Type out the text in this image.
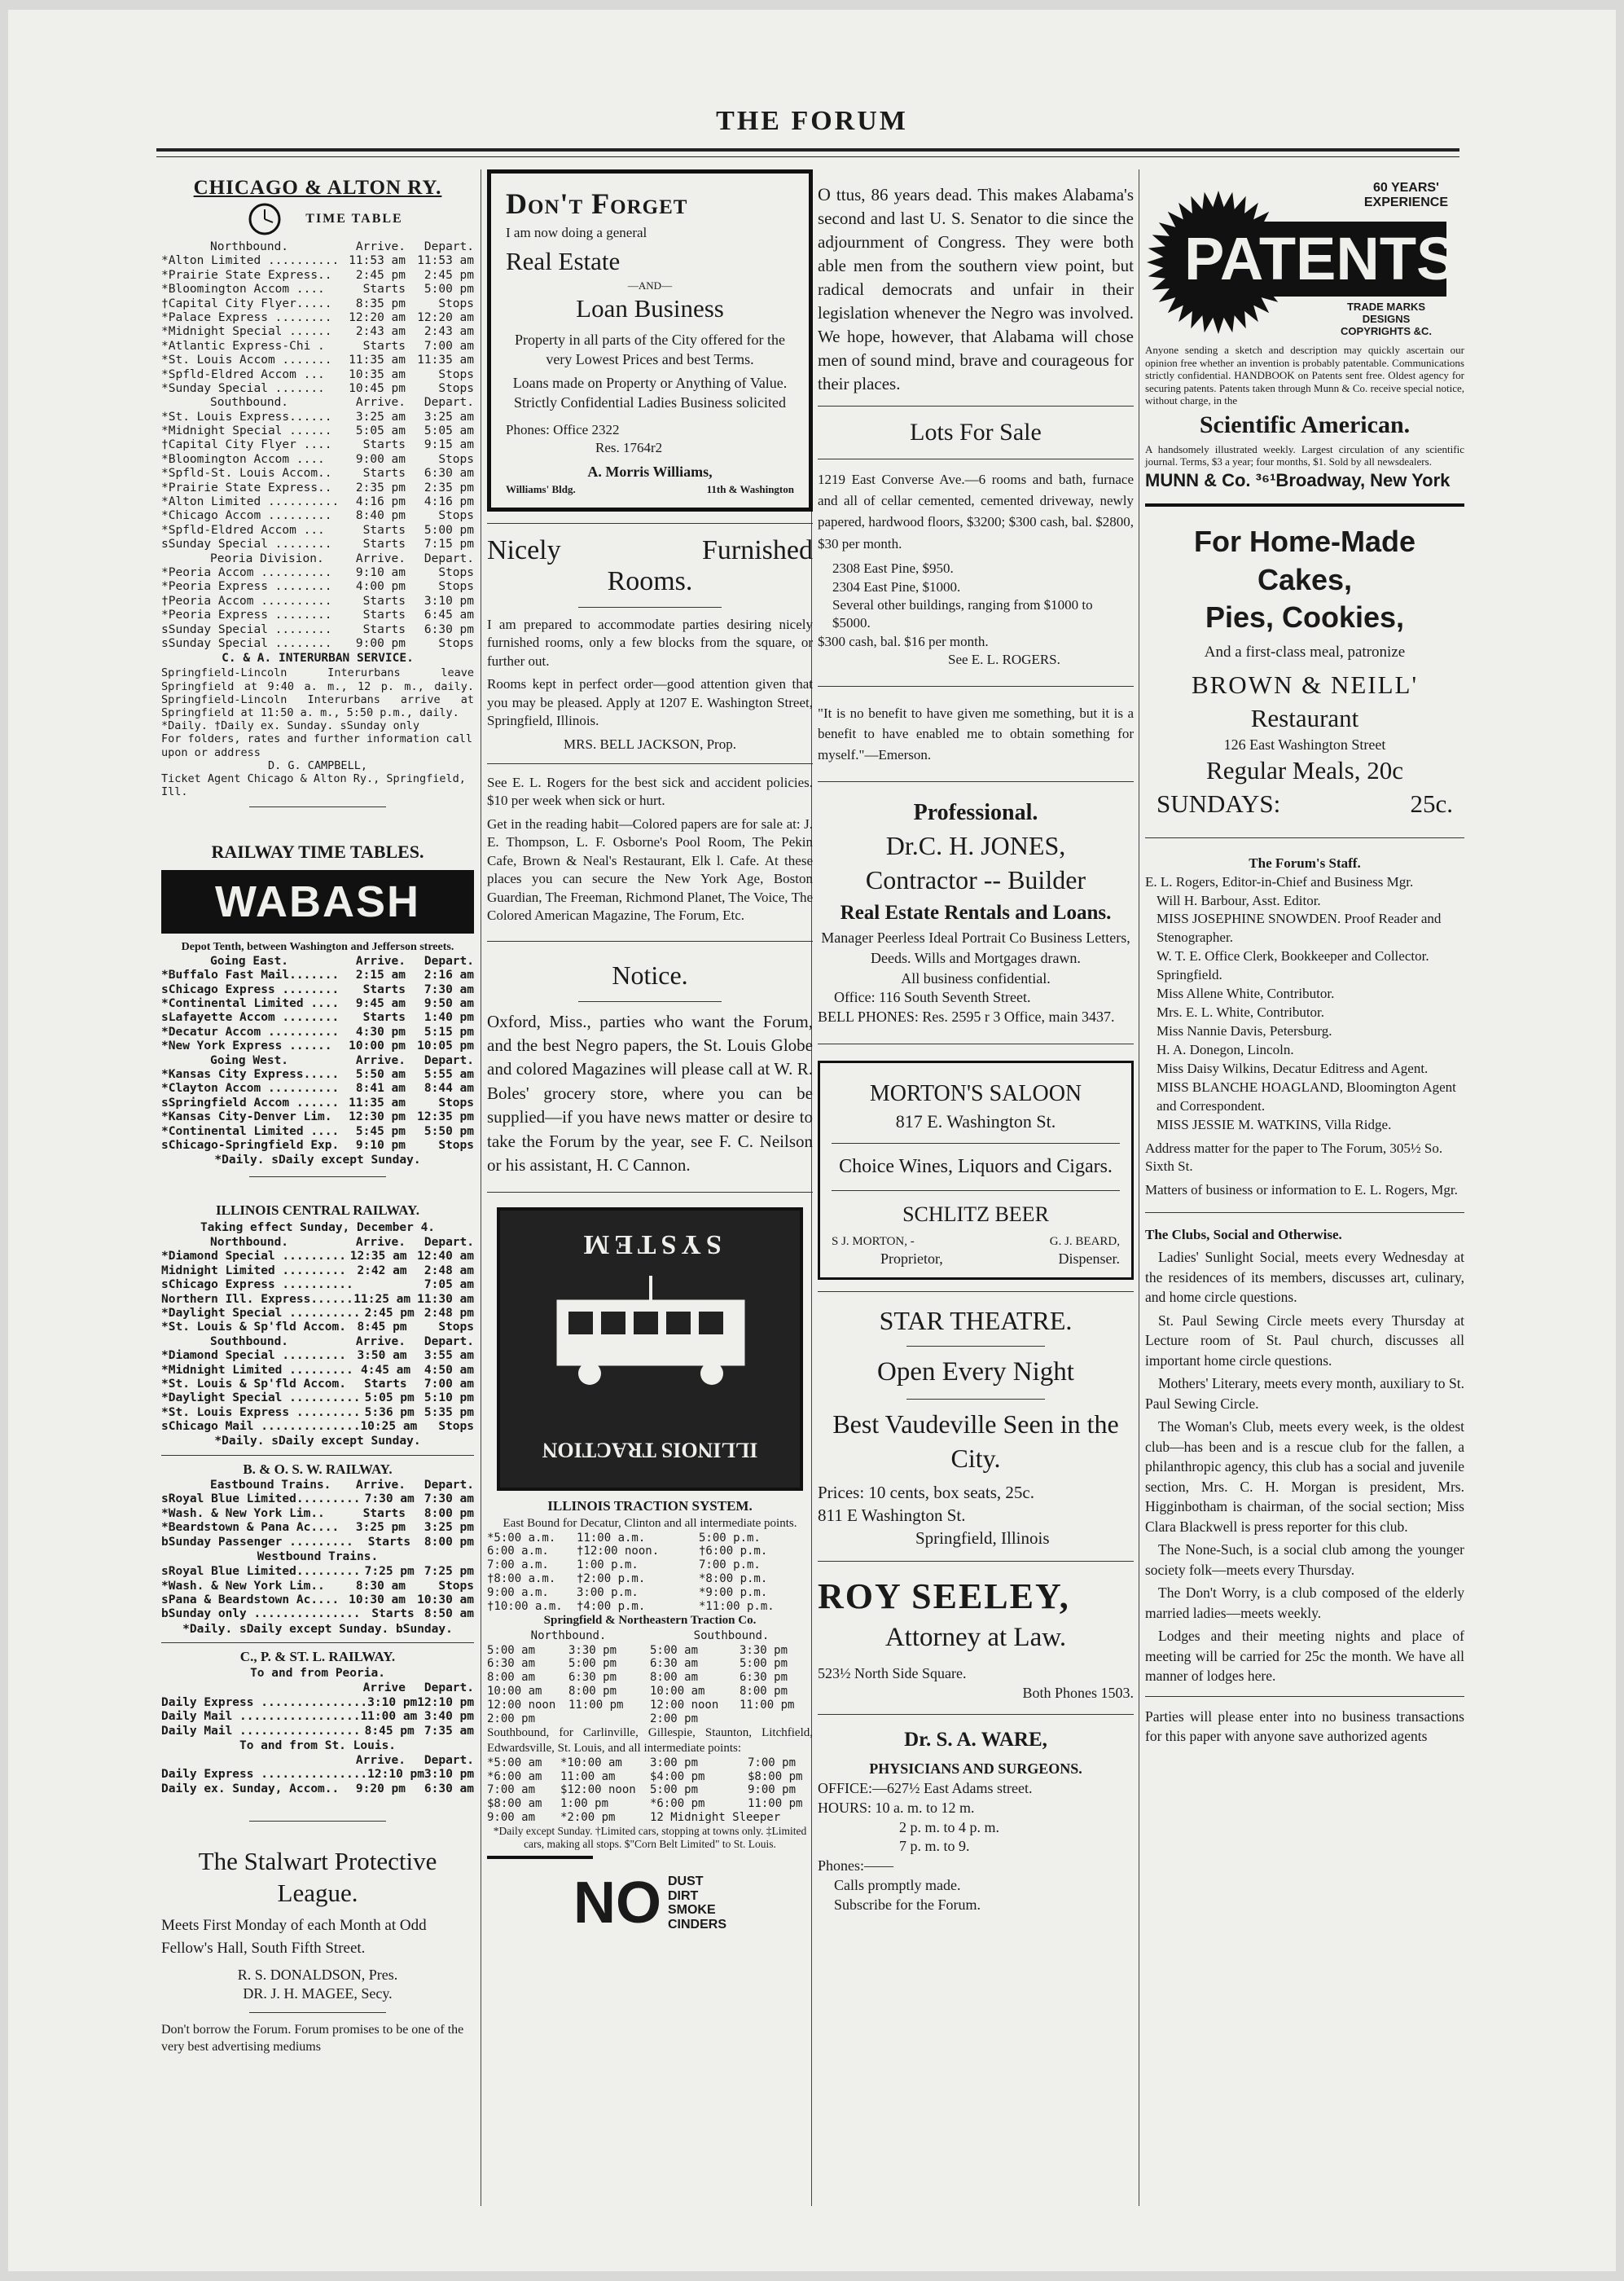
THE FORUM
CHICAGO & ALTON RY.
TIME TABLE
Northbound.	Arrive.	Depart.
*Alton Limited .......... 11:53 am 11:53 am
*Prairie State Express..	2:45 pm	2:45 pm
*Bloomington Accom ....	Starts	5:00 pm
†Capital City Flyer.....	8:35 pm	Stops
*Palace Express ........	12:20 am 12:20 am
*Midnight Special ......	2:43 am	2:43 am
*Atlantic Express-Chi .	Starts	7:00 am
*St. Louis Accom .......	11:35 am 11:35 am
*Spfld-Eldred Accom ...	10:35 am	Stops
*Sunday Special .......	10:45 pm	Stops
Southbound.	Arrive.	Depart.
*St. Louis Express......	3:25 am	3:25 am
*Midnight Special ......	5:05 am	5:05 am
†Capital City Flyer ....	Starts	9:15 am
*Bloomington Accom ....	9:00 am	Stops
*Spfld-St. Louis Accom..	Starts	6:30 am
*Prairie State Express..	2:35 pm	2:35 pm
*Alton Limited ..........	4:16 pm	4:16 pm
*Chicago Accom .........	8:40 pm	Stops
*Spfld-Eldred Accom ...	Starts	5:00 pm
sSunday Special ........	Starts	7:15 pm
Peoria Division.	Arrive.	Depart.
*Peoria Accom ..........	9:10 am	Stops
*Peoria Express ........	4:00 pm	Stops
†Peoria Accom ..........	Starts	3:10 pm
*Peoria Express ........	Starts	6:45 am
sSunday Special ........	Starts	6:30 pm
sSunday Special ........	9:00 pm	Stops
C. & A. INTERURBAN SERVICE.
Springfield-Lincoln Interurbans leave Springfield at 9:40 a. m., 12 p. m., daily. Springfield-Lincoln Interurbans arrive at Springfield at 11:50 a. m., 5:50 p.m., daily.
*Daily. †Daily ex. Sunday. sSunday only
For folders, rates and further information call upon or address
D. G. CAMPBELL,
Ticket Agent Chicago & Alton Ry., Springfield, Ill.
RAILWAY TIME TABLES.
WABASH
Depot Tenth, between Washington and Jefferson streets.
Going East.	Arrive.	Depart.
*Buffalo Fast Mail.......	2:15 am	2:16 am
sChicago Express ........	Starts	7:30 am
*Continental Limited ....	9:45 am	9:50 am
sLafayette Accom ........	Starts	1:40 pm
*Decatur Accom ..........	4:30 pm	5:15 pm
*New York Express ......	10:00 pm 10:05 pm
Going West.	Arrive.	Depart.
*Kansas City Express.....	5:50 am	5:55 am
*Clayton Accom ..........	8:41 am	8:44 am
sSpringfield Accom ...... 11:35 am	Stops
*Kansas City-Denver Lim.	12:30 pm 12:35 pm
*Continental Limited ....	5:45 pm	5:50 pm
sChicago-Springfield Exp.	9:10 pm	Stops
*Daily. sDaily except Sunday.
ILLINOIS CENTRAL RAILWAY.
Taking effect Sunday, December 4.
Northbound.	Arrive.	Depart.
*Diamond Special ......... 12:35 am 12:40 am
Midnight Limited ......... 2:42 am	2:48 am
sChicago Express ..........	7:05 am
Northern Ill. Express...... 11:25 am 11:30 am
*Daylight Special .......... 2:45 pm 2:48 pm
*St. Louis & Sp'fld Accom. 8:45 pm	Stops
Southbound.	Arrive.	Depart.
*Diamond Special ......... 3:50 am	3:55 am
*Midnight Limited ......... 4:45 am	4:50 am
*St. Louis & Sp'fld Accom.	Starts	7:00 am
*Daylight Special .......... 5:05 pm 5:10 pm
*St. Louis Express ......... 5:36 pm 5:35 pm
sChicago Mail .............. 10:25 am	Stops
*Daily. sDaily except Sunday.
B. & O. S. W. RAILWAY.
Eastbound Trains.	Arrive.	Depart.
sRoyal Blue Limited......... 7:30 am 7:30 am
*Wash. & New York Lim..	Starts	8:00 pm
*Beardstown & Pana Ac....	3:25 pm	3:25 pm
bSunday Passenger .........	Starts	8:00 pm
Westbound Trains.
sRoyal Blue Limited......... 7:25 pm 7:25 pm
*Wash. & New York Lim..	8:30 am	Stops
sPana & Beardstown Ac.... 10:30 am 10:30 am
bSunday only ............... Starts 8:50 am
*Daily. sDaily except Sunday. bSunday.
C., P. & ST. L. RAILWAY.
To and from Peoria.
Arrive	Depart.
Daily Express ............... 3:10 pm 12:10 pm
Daily Mail ................. 11:00 am 3:40 pm
Daily Mail ................. 8:45 pm 7:35 am
To and from St. Louis.
Arrive.	Depart.
Daily Express ............... 12:10 pm 3:10 pm
Daily ex. Sunday, Accom..	9:20 pm	6:30 am
The Stalwart Protective League.

Meets First Monday of each Month at Odd Fellow's Hall, South Fifth Street.

R. S. DONALDSON, Pres.
DR. J. H. MAGEE, Secy.

Don't borrow the Forum. Forum promises to be one of the very best advertising mediums

Don't Forget
I am now doing a general
Real Estate
—AND—
Loan Business

Property in all parts of the City offered for the very Lowest Prices and best Terms.

Loans made on Property or Anything of Value. Strictly Confidential Ladies Business solicited

Phones: Office 2322
Res. 1764r2
A. Morris Williams,
Williams' Bldg.	11th & Washington
Nicely	Furnished
Rooms.

I am prepared to accommodate parties desiring nicely furnished rooms, only a few blocks from the square, or further out.

Rooms kept in perfect order—good attention given that you may be pleased. Apply at 1207 E. Washington Street, Springfield, Illinois.

MRS. BELL JACKSON, Prop.

See E. L. Rogers for the best sick and accident policies. $10 per week when sick or hurt.

Get in the reading habit—Colored papers are for sale at: J. E. Thompson, L. F. Osborne's Pool Room, The Pekin Cafe, Brown & Neal's Restaurant, Elk l. Cafe. At these places you can secure the New York Age, Boston Guardian, The Freeman, Richmond Planet, The Voice, The Colored American Magazine, The Forum, Etc.

Notice.

Oxford, Miss., parties who want the Forum, and the best Negro papers, the St. Louis Globe and colored Magazines will please call at W. R. Boles' grocery store, where you can be supplied—if you have news matter or desire to take the Forum by the year, see F. C. Neilson or his assistant, H. C Cannon.

SYSTEM
ILLINOIS TRACTION
ILLINOIS TRACTION SYSTEM.
East Bound for Decatur, Clinton and all intermediate points.
*5:00 a.m.	11:00 a.m.	5:00 p.m.
6:00 a.m.	†12:00 noon.	†6:00 p.m.
7:00 a.m.	1:00 p.m.	7:00 p.m.
†8:00 a.m.	†2:00 p.m.	*8:00 p.m.
9:00 a.m.	3:00 p.m.	*9:00 p.m.
†10:00 a.m.	†4:00 p.m.	*11:00 p.m.
Springfield & Northeastern Traction Co.
Northbound.	Southbound.
5:00 am	3:30 pm	5:00 am	3:30 pm
6:30 am	5:00 pm	6:30 am	5:00 pm
8:00 am	6:30 pm	8:00 am	6:30 pm
10:00 am	8:00 pm	10:00 am	8:00 pm
12:00 noon	11:00 pm	12:00 noon	11:00 pm
2:00 pm	2:00 pm
Southbound, for Carlinville, Gillespie, Staunton, Litchfield, Edwardsville, St. Louis, and all intermediate points:
*5:00 am	*10:00 am	3:00 pm	7:00 pm
*6:00 am	11:00 am	$4:00 pm	$8:00 pm
7:00 am	$12:00 noon	5:00 pm	9:00 pm
$8:00 am	1:00 pm	*6:00 pm	11:00 pm
9:00 am	*2:00 pm	12 Midnight Sleeper
*Daily except Sunday. †Limited cars, stopping at towns only. ‡Limited cars, making all stops. $"Corn Belt Limited" to St. Louis.
NO DUST
DIRT
SMOKE
CINDERS

O ttus, 86 years dead. This makes Alabama's second and last U. S. Senator to die since the adjournment of Congress. They were both able men from the southern view point, but radical democrats and unfair in their legislation whenever the Negro was involved. We hope, however, that Alabama will chose men of sound mind, brave and courageous for their places.

Lots For Sale

1219 East Converse Ave.—6 rooms and bath, furnace and all of cellar cemented, cemented driveway, newly papered, hardwood floors, $3200; $300 cash, bal. $2800, $30 per month.

2308 East Pine, $950.
2304 East Pine, $1000.
Several other buildings, ranging from $1000 to $5000.
$300 cash, bal. $16 per month.
See E. L. ROGERS.

"It is no benefit to have given me something, but it is a benefit to have enabled me to obtain something for myself."—Emerson.

Professional.
Dr.C. H. JONES,
Contractor -- Builder
Real Estate Rentals and Loans.
Manager Peerless Ideal Portrait Co Business Letters, Deeds. Wills and Mortgages drawn.
All business confidential.
Office: 116 South Seventh Street.
BELL PHONES: Res. 2595 r 3 Office, main 3437.
MORTON'S SALOON
817 E. Washington St.
Choice Wines, Liquors and Cigars.
SCHLITZ BEER
S J. MORTON, -	G. J. BEARD,
Proprietor,	Dispenser.
STAR THEATRE.
Open Every Night
Best Vaudeville Seen in the City.
Prices: 10 cents, box seats, 25c.
811 E Washington St.
Springfield, Illinois
ROY SEELEY,
Attorney at Law.
523½ North Side Square.
Both Phones 1503.
Dr. S. A. WARE,
PHYSICIANS AND SURGEONS.
OFFICE:—627½ East Adams street.
HOURS: 10 a. m. to 12 m.
2 p. m. to 4 p. m.
7 p. m. to 9.
Phones:——
Calls promptly made.
Subscribe for the Forum.
60 YEARS'
EXPERIENCE
PATENTS
TRADE MARKS
DESIGNS
COPYRIGHTS &C.
Anyone sending a sketch and description may quickly ascertain our opinion free whether an invention is probably patentable. Communications strictly confidential. HANDBOOK on Patents sent free. Oldest agency for securing patents. Patents taken through Munn & Co. receive special notice, without charge, in the
Scientific American.
A handsomely illustrated weekly. Largest circulation of any scientific journal. Terms, $3 a year; four months, $1. Sold by all newsdealers.
MUNN & Co. ³⁶¹Broadway, New York
For Home-Made
Cakes,
Pies, Cookies,
And a first-class meal, patronize
BROWN & NEILL'
Restaurant
126 East Washington Street
Regular Meals, 20c
SUNDAYS:	25c.
The Forum's Staff.
E. L. Rogers, Editor-in-Chief and Business Mgr.
Will H. Barbour, Asst. Editor.
MISS JOSEPHINE SNOWDEN. Proof Reader and Stenographer.
W. T. E. Office Clerk, Bookkeeper and Collector.
Springfield.
Miss Allene White, Contributor.
Mrs. E. L. White, Contributor.
Miss Nannie Davis, Petersburg.
H. A. Donegon, Lincoln.
Miss Daisy Wilkins, Decatur Editress and Agent.
MISS BLANCHE HOAGLAND, Bloomington Agent and Correspondent.
MISS JESSIE M. WATKINS, Villa Ridge.

Address matter for the paper to The Forum, 305½ So. Sixth St.

Matters of business or information to E. L. Rogers, Mgr.

The Clubs, Social and Otherwise.

Ladies' Sunlight Social, meets every Wednesday at the residences of its members, discusses art, culinary, and home circle questions.

St. Paul Sewing Circle meets every Thursday at Lecture room of St. Paul church, discusses all important home circle questions.

Mothers' Literary, meets every month, auxiliary to St. Paul Sewing Circle.

The Woman's Club, meets every week, is the oldest club—has been and is a rescue club for the fallen, a philanthropic agency, this club has a social and juvenile section, Mrs. C. H. Morgan is president, Mrs. Higginbotham is chairman, of the social section; Miss Clara Blackwell is press reporter for this club.

The None-Such, is a social club among the younger society folk—meets every Thursday.

The Don't Worry, is a club composed of the elderly married ladies—meets weekly.

Lodges and their meeting nights and place of meeting will be carried for 25c the month. We have all manner of lodges here.

Parties will please enter into no business transactions for this paper with anyone save authorized agents
